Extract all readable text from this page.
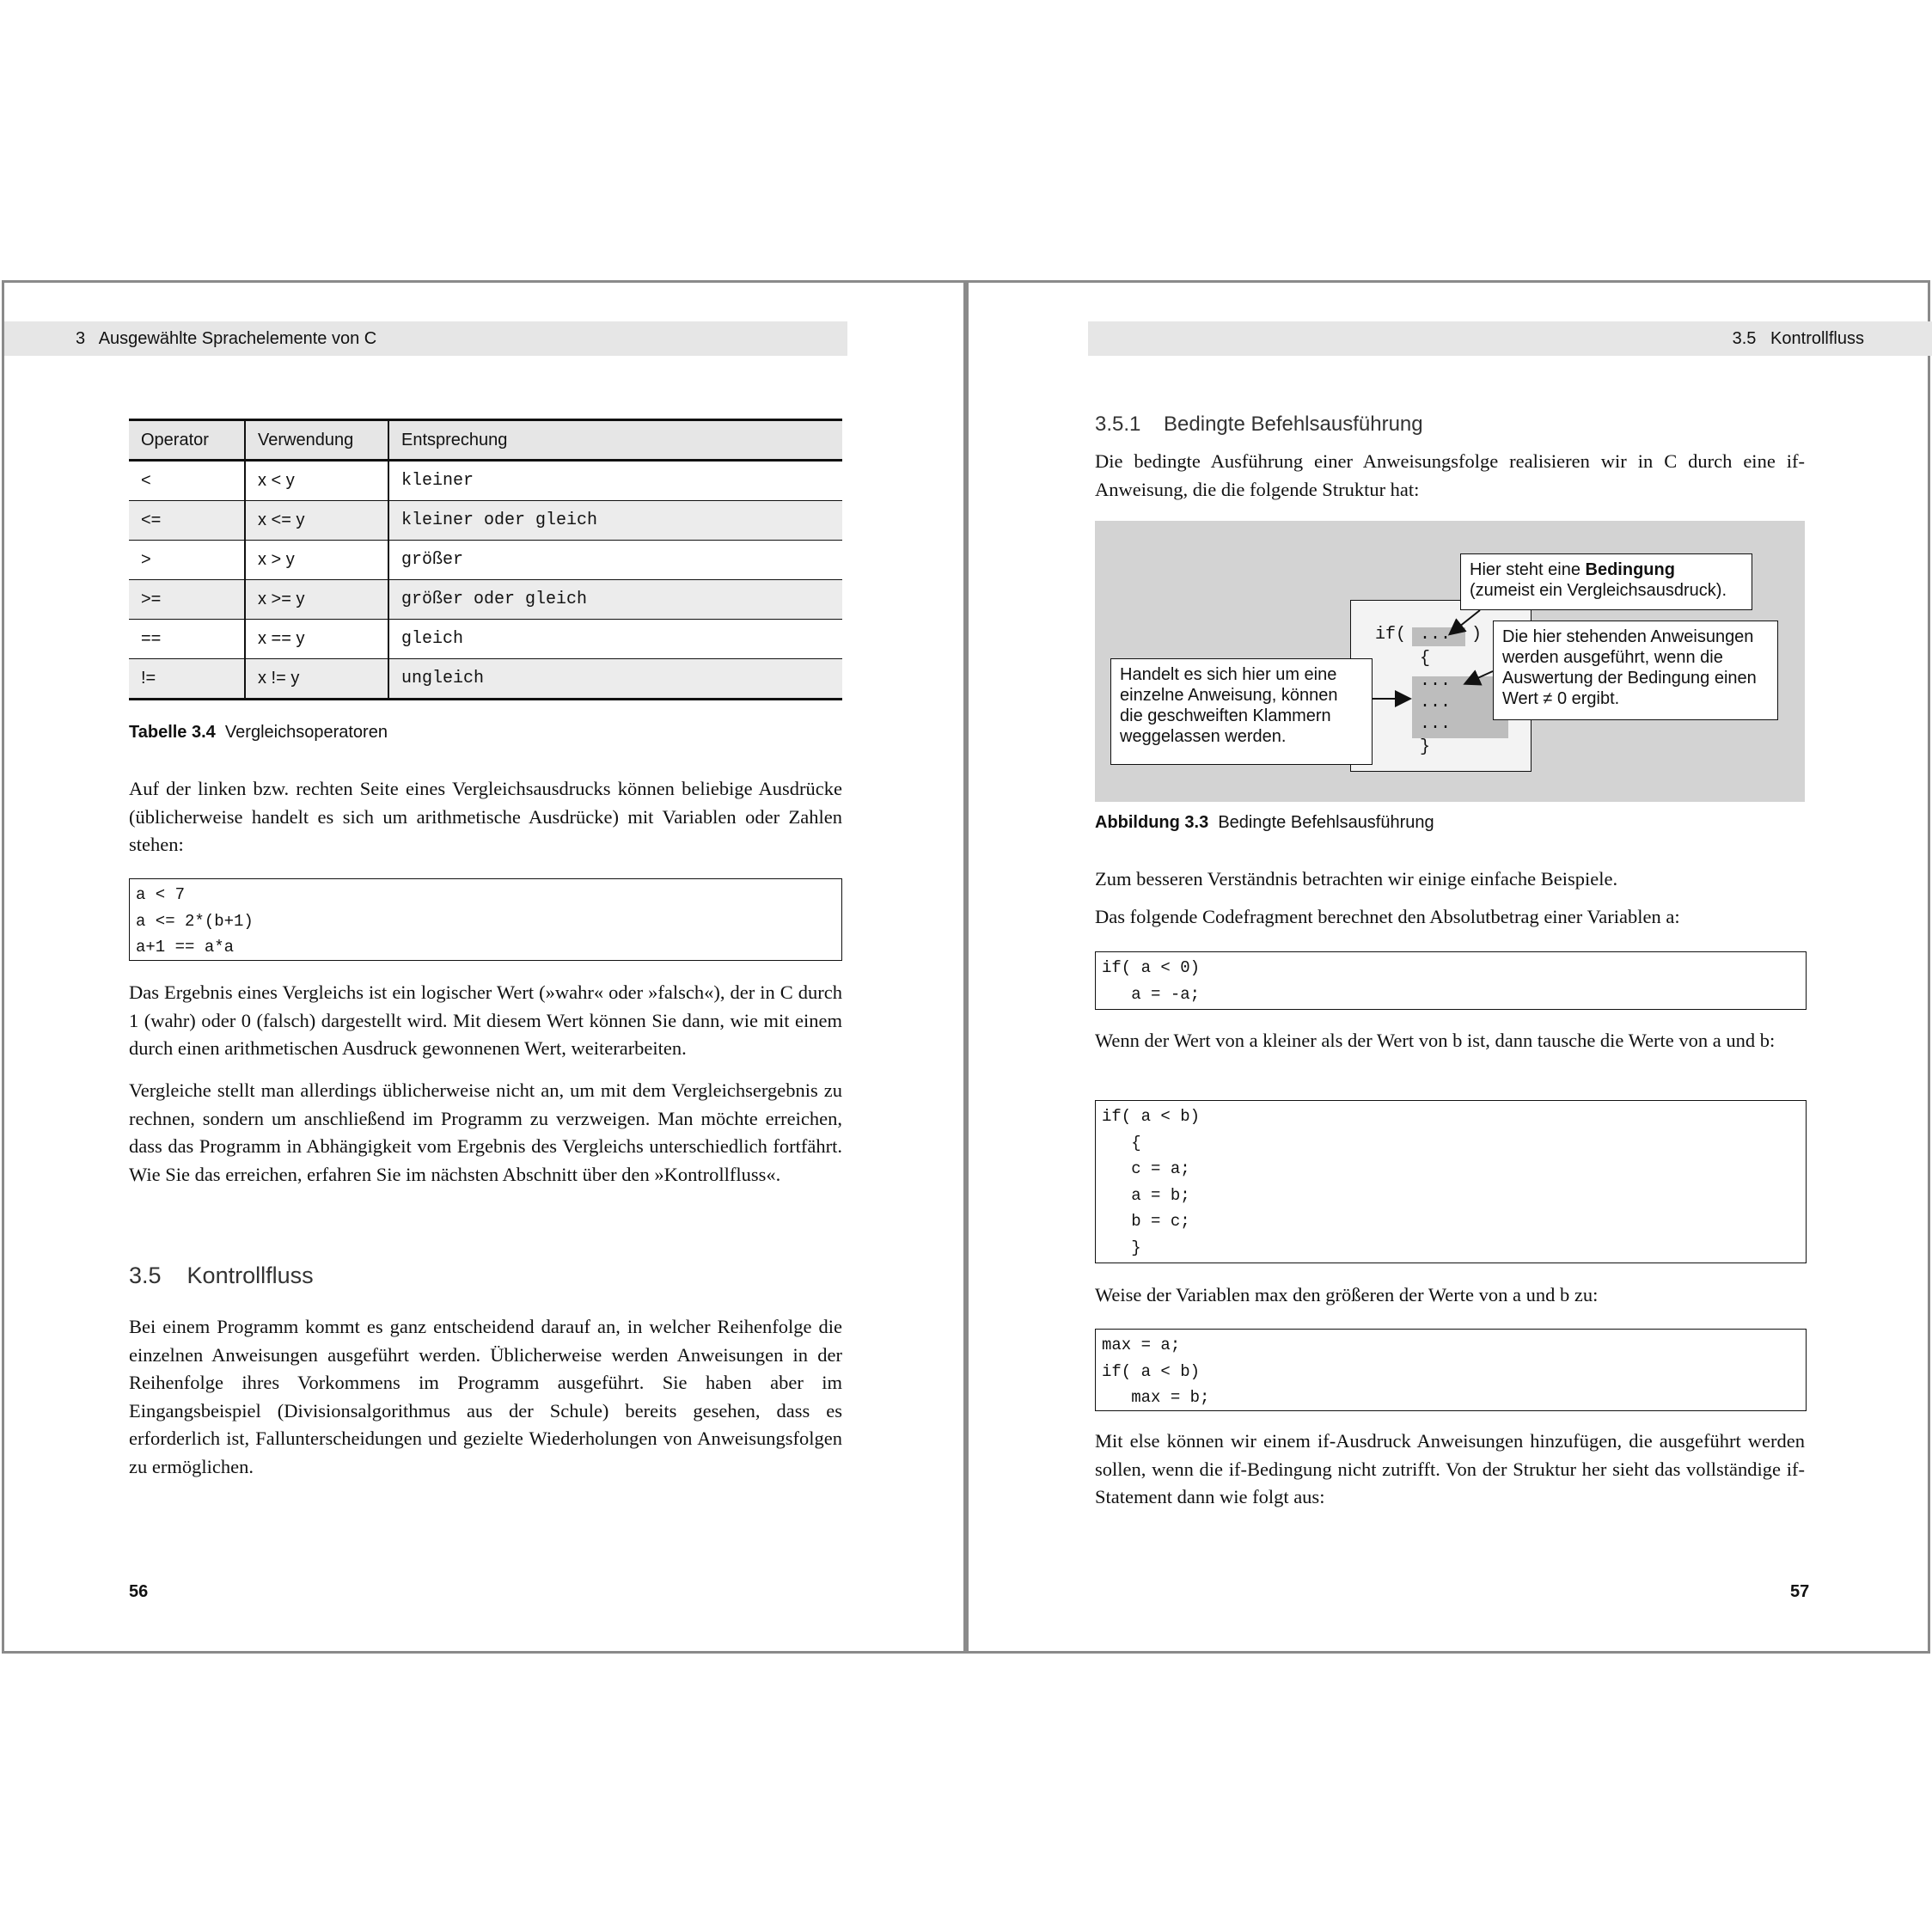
3   Ausgewählte Sprachelemente von C
Operator	Verwendung	Entsprechung
<	x < y	kleiner
<=	x <= y	kleiner oder gleich
>	x > y	größer
>=	x >= y	größer oder gleich
==	x == y	gleich
!=	x != y	ungleich
Tabelle 3.4 Vergleichsoperatoren

Auf der linken bzw. rechten Seite eines Vergleichsausdrucks können beliebige Ausdrücke (üblicherweise handelt es sich um arithmetische Ausdrücke) mit Variablen oder Zahlen stehen:

a < 7
a <= 2*(b+1)
a+1 == a*a

Das Ergebnis eines Vergleichs ist ein logischer Wert (»wahr« oder »falsch«), der in C durch 1 (wahr) oder 0 (falsch) dargestellt wird. Mit diesem Wert können Sie dann, wie mit einem durch einen arithmetischen Ausdruck gewonnenen Wert, weiterarbeiten.

Vergleiche stellt man allerdings üblicherweise nicht an, um mit dem Vergleichsergebnis zu rechnen, sondern um anschließend im Programm zu verzweigen. Man möchte erreichen, dass das Programm in Abhängigkeit vom Ergebnis des Vergleichs unterschiedlich fortfährt. Wie Sie das erreichen, erfahren Sie im nächsten Abschnitt über den »Kontrollfluss«.

3.5    Kontrollfluss

Bei einem Programm kommt es ganz entscheidend darauf an, in welcher Reihenfolge die einzelnen Anweisungen ausgeführt werden. Üblicherweise werden Anweisungen in der Reihenfolge ihres Vorkommens im Programm ausgeführt. Sie haben aber im Eingangsbeispiel (Divisionsalgorithmus aus der Schule) bereits gesehen, dass es erforderlich ist, Fallunterscheidungen und gezielte Wiederholungen von Anweisungsfolgen zu ermöglichen.

56
3.5   Kontrollfluss
3.5.1    Bedingte Befehlsausführung

Die bedingte Ausführung einer Anweisungsfolge realisieren wir in C durch eine if-Anweisung, die die folgende Struktur hat:

if( ... )
{
...
...
...
}
Hier steht eine Bedingung
(zumeist ein Vergleichsausdruck).
Die hier stehenden Anweisungen werden ausgeführt, wenn die Auswertung der Bedingung einen Wert ≠ 0 ergibt.
Handelt es sich hier um eine einzelne Anweisung, können die geschweiften Klammern weggelassen werden.
Abbildung 3.3 Bedingte Befehlsausführung

Zum besseren Verständnis betrachten wir einige einfache Beispiele.

Das folgende Codefragment berechnet den Absolutbetrag einer Variablen a:

if( a < 0)
a = -a;

Wenn der Wert von a kleiner als der Wert von b ist, dann tausche die Werte von a und b:

if( a < b)
{
c = a;
a = b;
b = c;
}

Weise der Variablen max den größeren der Werte von a und b zu:

max = a;
if( a < b)
max = b;

Mit else können wir einem if-Ausdruck Anweisungen hinzufügen, die ausgeführt werden sollen, wenn die if-Bedingung nicht zutrifft. Von der Struktur her sieht das vollständige if-Statement dann wie folgt aus:

57
